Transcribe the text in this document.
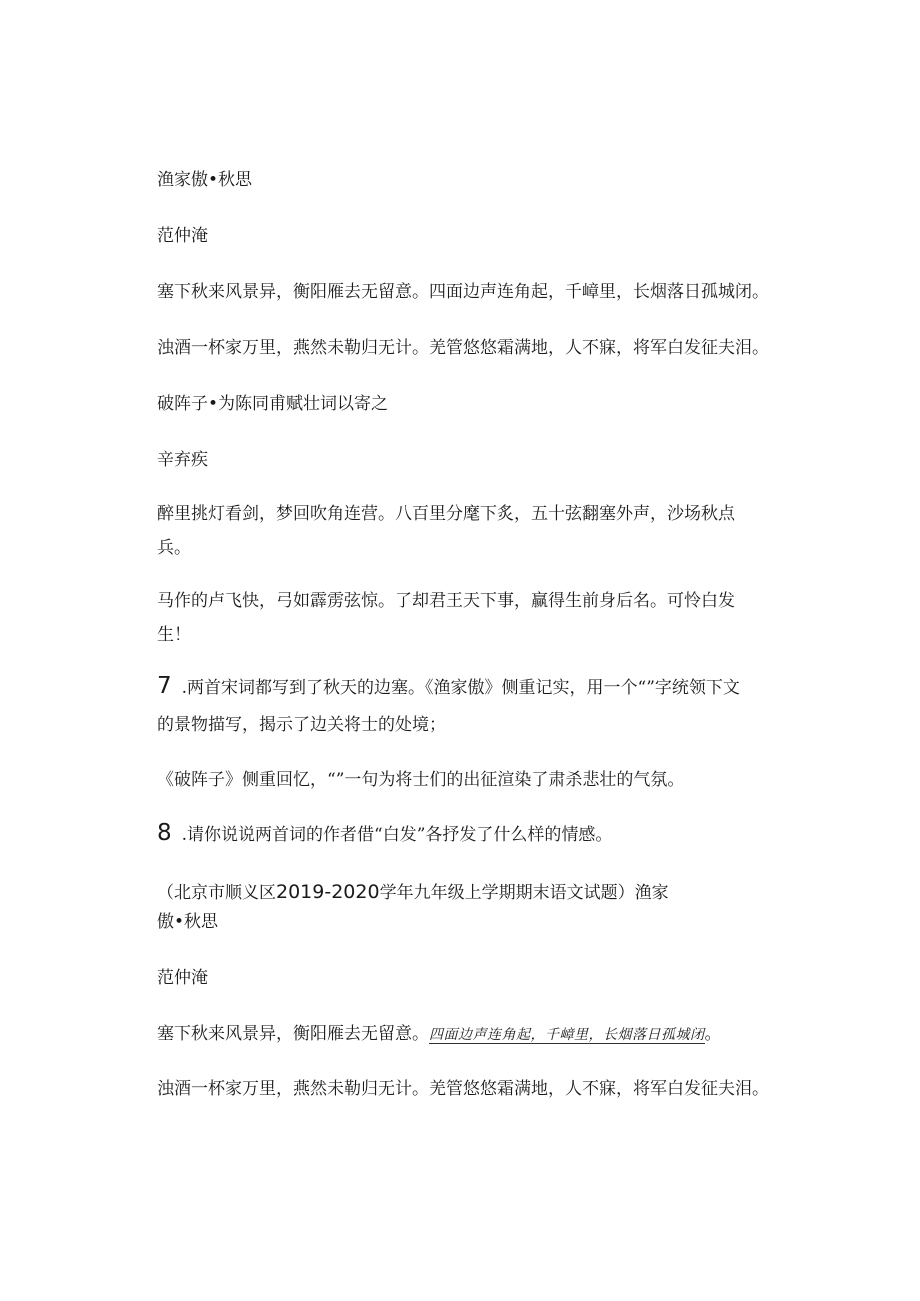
渔家傲•秋思
范仲淹
塞下秋来风景异，衡阳雁去无留意。四面边声连角起，千嶂里，长烟落日孤城闭。
浊酒一杯家万里，燕然未勒归无计。羌管悠悠霜满地，人不寐，将军白发征夫泪。
破阵子•为陈同甫赋壮词以寄之
辛弃疾
醉里挑灯看剑，梦回吹角连营。八百里分麾下炙，五十弦翻塞外声，沙场秋点兵。
马作的卢飞快，弓如霹雳弦惊。了却君王天下事，赢得生前身后名。可怜白发生！
7 .两首宋词都写到了秋天的边塞。《渔家傲》侧重记实，用一个“”字统领下文
的景物描写，揭示了边关将士的处境；
《破阵子》侧重回忆，“”一句为将士们的出征渲染了肃杀悲壮的气氛。
8 .请你说说两首词的作者借“白发”各抒发了什么样的情感。
（北京市顺义区2019-2020学年九年级上学期期末语文试题）渔家
傲•秋思
范仲淹
塞下秋来风景异，衡阳雁去无留意。四面边声连角起，千嶂里，长烟落日孤城闭。
浊酒一杯家万里，燕然未勒归无计。羌管悠悠霜满地，人不寐，将军白发征夫泪。
